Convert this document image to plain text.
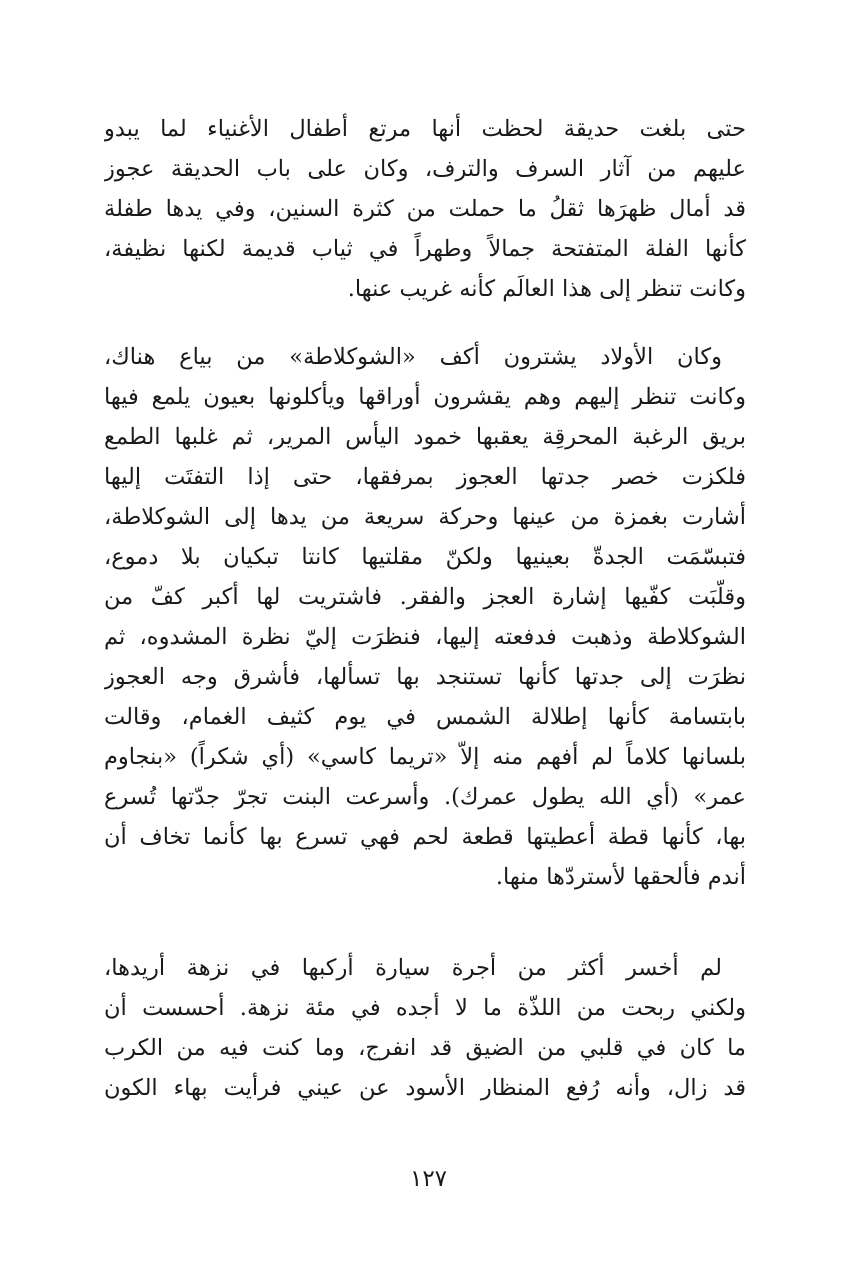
حتى بلغت حديقة لحظت أنها مرتع أطفال الأغنياء لما يبدو
عليهم من آثار السرف والترف، وكان على باب الحديقة عجوز
قد أمال ظهرَها ثقلُ ما حملت من كثرة السنين، وفي يدها طفلة
كأنها الفلة المتفتحة جمالاً وطهراً في ثياب قديمة لكنها نظيفة،
وكانت تنظر إلى هذا العالَم كأنه غريب عنها.
وكان الأولاد يشترون أكف «الشوكلاطة» من بياع هناك،
وكانت تنظر إليهم وهم يقشرون أوراقها ويأكلونها بعيون يلمع فيها
بريق الرغبة المحرقِة يعقبها خمود اليأس المرير، ثم غلبها الطمع
فلكزت خصر جدتها العجوز بمرفقها، حتى إذا التفتَت إليها
أشارت بغمزة من عينها وحركة سريعة من يدها إلى الشوكلاطة،
فتبسّمَت الجدةّ بعينيها ولكنّ مقلتيها كانتا تبكيان بلا دموع،
وقلّبَت كفّيها إشارة العجز والفقر. فاشتريت لها أكبر كفّ من
الشوكلاطة وذهبت فدفعته إليها، فنظرَت إليّ نظرة المشدوه، ثم
نظرَت إلى جدتها كأنها تستنجد بها تسألها، فأشرق وجه العجوز
بابتسامة كأنها إطلالة الشمس في يوم كثيف الغمام، وقالت
بلسانها كلاماً لم أفهم منه إلاّ «تريما كاسي» (أي شكراً) «بنجاوم
عمر» (أي الله يطول عمرك). وأسرعت البنت تجرّ جدّتها تُسرع
بها، كأنها قطة أعطيتها قطعة لحم فهي تسرع بها كأنما تخاف أن
أندم فألحقها لأستردّها منها.
لم أخسر أكثر من أجرة سيارة أركبها في نزهة أريدها،
ولكني ربحت من اللذّة ما لا أجده في مئة نزهة. أحسست أن
ما كان في قلبي من الضيق قد انفرج، وما كنت فيه من الكرب
قد زال، وأنه رُفع المنظار الأسود عن عيني فرأيت بهاء الكون
١٢٧
